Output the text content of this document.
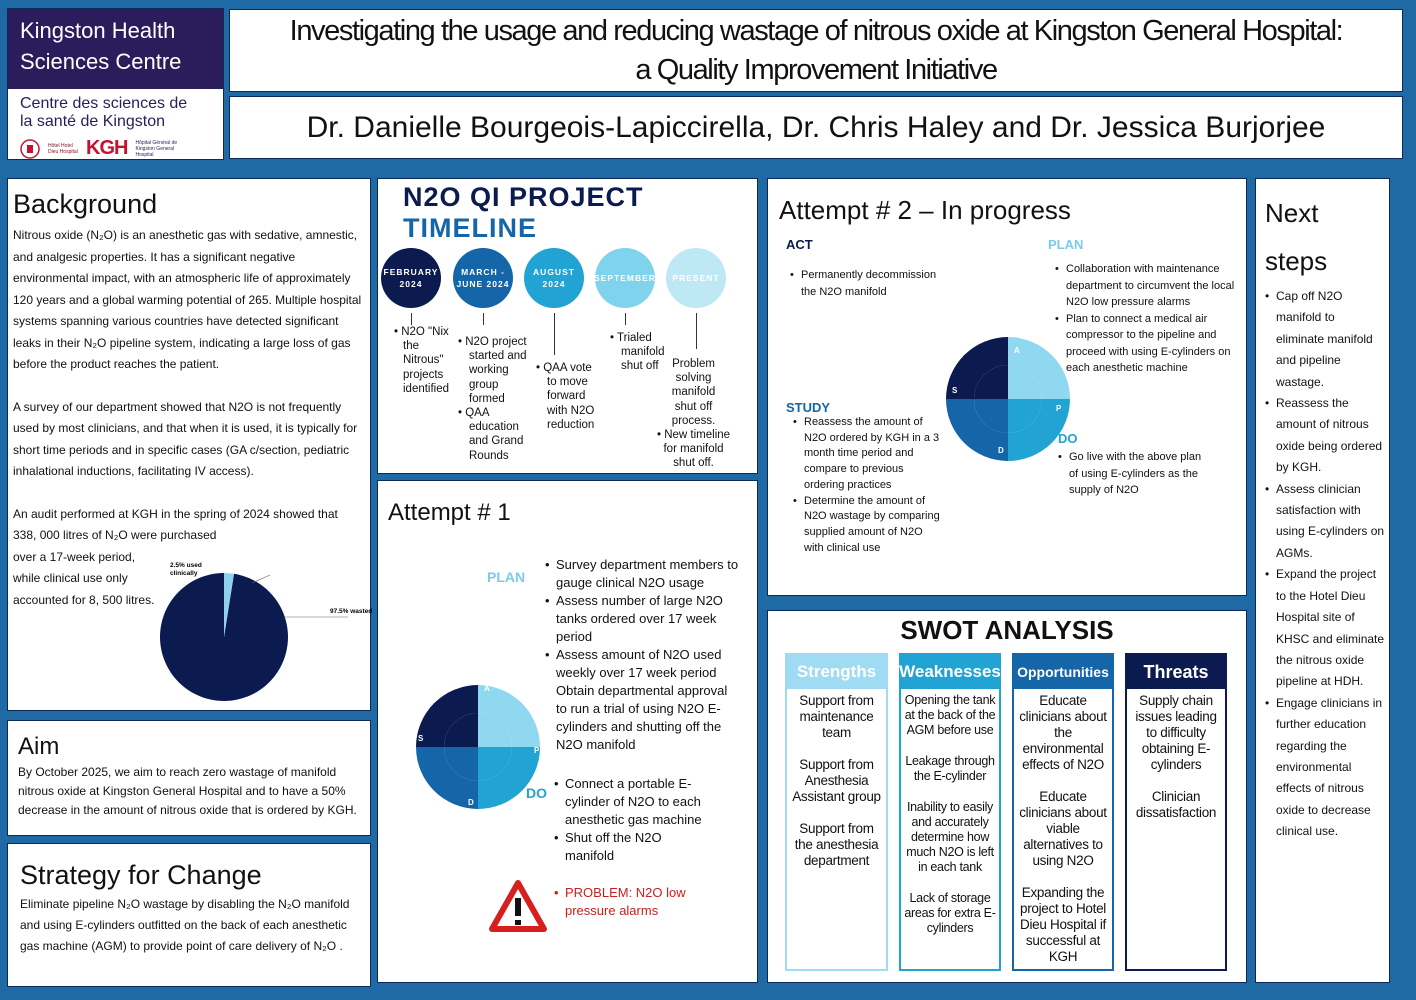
Kingston Health
Sciences Centre
Centre des sciences de
la santé de Kingston
Hôtel Hotel Dieu Hospital KGH Hôpital Général de Kingston General Hospital
Investigating the usage and reducing wastage of nitrous oxide at Kingston General Hospital:
a Quality Improvement Initiative
Dr. Danielle Bourgeois-Lapiccirella, Dr. Chris Haley and Dr. Jessica Burjorjee
Background

Nitrous oxide (N₂O) is an anesthetic gas with sedative, amnestic, and analgesic properties. It has a significant negative environmental impact, with an atmospheric life of approximately 120 years and a global warming potential of 265. Multiple hospital systems spanning various countries have detected significant leaks in their N₂O pipeline system, indicating a large loss of gas before the product reaches the patient.

A survey of our department showed that N2O is not frequently used by most clinicians, and that when it is used, it is typically for short time periods and in specific cases (GA c/section, pediatric inhalational inductions, facilitating IV access).

An audit performed at KGH in the spring of 2024 showed that

338, 000 litres of N₂O were purchased

over a 17-week period,

while clinical use only

accounted for 8, 500 litres.

2.5% used
clinically
97.5% wasted
Aim

By October 2025, we aim to reach zero wastage of manifold nitrous oxide at Kingston General Hospital and to have a 50% decrease in the amount of nitrous oxide that is ordered by KGH.

Strategy for Change

Eliminate pipeline N₂O wastage by disabling the N₂O manifold and using E-cylinders outfitted on the back of each anesthetic gas machine (AGM) to provide point of care delivery of N₂O .

N2O QI PROJECT
TIMELINE
FEBRUARY
2024
• N2O "Nix
the
Nitrous"
projects
identified
MARCH -
JUNE 2024
• N2O project
started and
working
group
formed
• QAA
education
and Grand
Rounds
AUGUST
2024
• QAA vote
to move
forward
with N2O
reduction
SEPTEMBER
• Trialed
manifold
shut off
PRESENT
Problem
solving
manifold
shut off
process.
• New timeline
for manifold
shut off.
Attempt # 1
PLAN
• Survey department members to gauge clinical N2O usage
• Assess number of large N2O tanks ordered over 17 week period
• Assess amount of N2O used weekly over 17 week period Obtain departmental approval to run a trial of using N2O E-cylinders and shutting off the N2O manifold
A
P
D
S
DO
• Connect a portable E-cylinder of N2O to each anesthetic gas machine
• Shut off the N2O manifold
• PROBLEM: N2O low pressure alarms
Attempt # 2 – In progress
ACT
• Permanently decommission the N2O manifold
PLAN
• Collaboration with maintenance department to circumvent the local N2O low pressure alarms
• Plan to connect a medical air compressor to the pipeline and proceed with using E-cylinders on each anesthetic machine
A
P
D
S
STUDY
• Reassess the amount of N2O ordered by KGH in a 3 month time period and compare to previous ordering practices
• Determine the amount of N2O wastage by comparing supplied amount of N2O with clinical use
DO
• Go live with the above plan of using E-cylinders as the supply of N2O
SWOT ANALYSIS
Strengths
Support from maintenance team
Support from Anesthesia Assistant group
Support from the anesthesia department
Weaknesses
Opening the tank at the back of the AGM before use
Leakage through the E-cylinder
Inability to easily and accurately determine how much N2O is left in each tank
Lack of storage areas for extra E-cylinders
Opportunities
Educate clinicians about the environmental effects of N2O
Educate clinicians about viable alternatives to using N2O
Expanding the project to Hotel Dieu Hospital if successful at KGH
Threats
Supply chain issues leading to difficulty obtaining E-cylinders
Clinician dissatisfaction
Next
steps
• Cap off N2O manifold to eliminate manifold and pipeline wastage.
• Reassess the amount of nitrous oxide being ordered by KGH.
• Assess clinician satisfaction with using E-cylinders on AGMs.
• Expand the project to the Hotel Dieu Hospital site of KHSC and eliminate the nitrous oxide pipeline at HDH.
• Engage clinicians in further education regarding the environmental effects of nitrous oxide to decrease clinical use.
